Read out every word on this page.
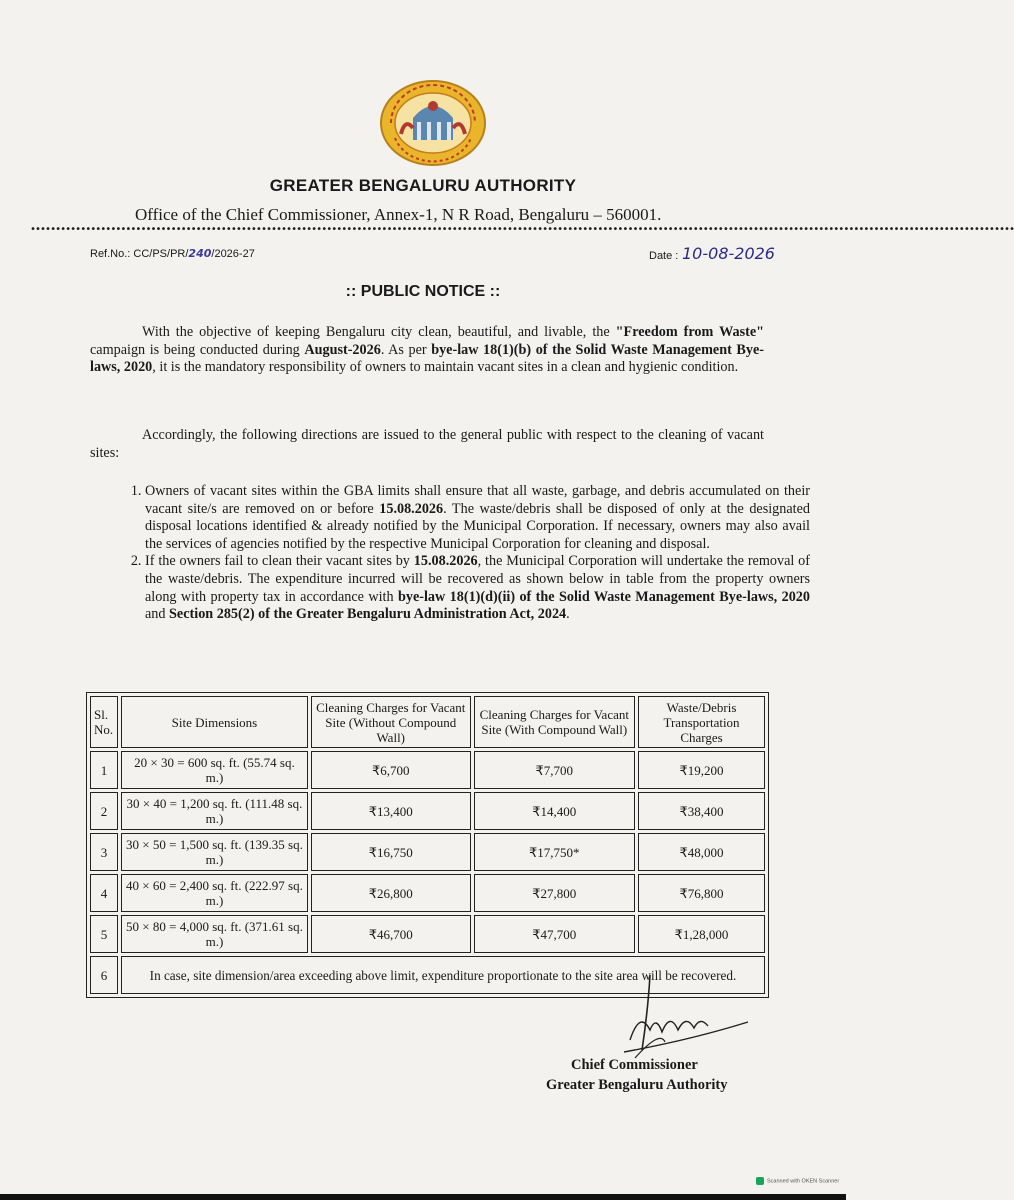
GREATER BENGALURU AUTHORITY
Office of the Chief Commissioner, Annex-1, N R Road, Bengaluru – 560001.
••••••••••••••••••••••••••••••••••••••••••••••••••••••••••••••••••••••••••••••••••••••••••••••••••••••••••••••••••••••••••••••••••••••••••••••••••••••••••••••••••••••••••••••••••••••••••••••••••••
Ref.No.: CC/PS/PR/240/2026-27	Date : 10-08-2026
:: PUBLIC NOTICE ::
With the objective of keeping Bengaluru city clean, beautiful, and livable, the "Freedom from Waste" campaign is being conducted during August-2026. As per bye-law 18(1)(b) of the Solid Waste Management Bye-laws, 2020, it is the mandatory responsibility of owners to maintain vacant sites in a clean and hygienic condition.
Accordingly, the following directions are issued to the general public with respect to the cleaning of vacant sites:
1. Owners of vacant sites within the GBA limits shall ensure that all waste, garbage, and debris accumulated on their vacant site/s are removed on or before 15.08.2026. The waste/debris shall be disposed of only at the designated disposal locations identified & already notified by the Municipal Corporation. If necessary, owners may also avail the services of agencies notified by the respective Municipal Corporation for cleaning and disposal.
2. If the owners fail to clean their vacant sites by 15.08.2026, the Municipal Corporation will undertake the removal of the waste/debris. The expenditure incurred will be recovered as shown below in table from the property owners along with property tax in accordance with bye-law 18(1)(d)(ii) of the Solid Waste Management Bye-laws, 2020 and Section 285(2) of the Greater Bengaluru Administration Act, 2024.
Sl. No.	Site Dimensions	Cleaning Charges for Vacant Site (Without Compound Wall)	Cleaning Charges for Vacant Site (With Compound Wall)	Waste/Debris Transportation Charges
1	20 × 30 = 600 sq. ft. (55.74 sq. m.)	₹6,700	₹7,700	₹19,200
2	30 × 40 = 1,200 sq. ft. (111.48 sq. m.)	₹13,400	₹14,400	₹38,400
3	30 × 50 = 1,500 sq. ft. (139.35 sq. m.)	₹16,750	₹17,750*	₹48,000
4	40 × 60 = 2,400 sq. ft. (222.97 sq. m.)	₹26,800	₹27,800	₹76,800
5	50 × 80 = 4,000 sq. ft. (371.61 sq. m.)	₹46,700	₹47,700	₹1,28,000
6	In case, site dimension/area exceeding above limit, expenditure proportionate to the site area will be recovered.			
Chief Commissioner
Greater Bengaluru Authority
Scanned with OKEN Scanner
